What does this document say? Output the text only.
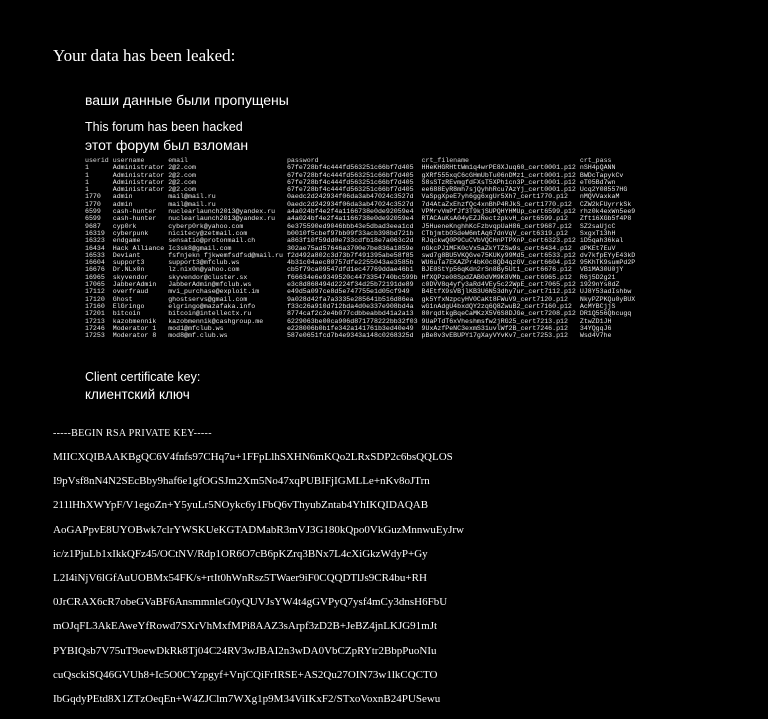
Your data has been leaked:

ваши данные были пропущены

This forum has been hacked

этот форум был взломан

userid	username	email	password	crt_filename	crt_pass
1	Administrator	2@2.com	67fe728bf4c444fd563251c66bf7d405	HHeKHGRHttWm1q4wrPE8XJuq60_cert0001.p12	nSH4pQANN
1	Administrator	2@2.com	67fe728bf4c444fd563251c66bf7d405	gXRf555xqC6cGHmUbTu06nDMz1_cert0001.p12	BWDcTapykCv
1	Administrator	2@2.com	67fe728bf4c444fd563251c66bf7d405	S8sSTzREvmgfdFXsT5XPh1cn3P_cert0001.p12	eT05Bd7wn
1	Administrator	2@2.com	67fe728bf4c444fd563251c66bf7d405	ee688EyR8mh7sjQyhhRcu7AzYj_cert0001.p12	Ucq2Y08557HG
1770	admin	mail@mail.ru	0aedc2d242934f06da3ab47024c3527d	VaSpgXpeE7yh6gg6xgUr5Xh7_cert1770.p12	nMQVVaxkaM
1770	admin	mail@mail.ru	0aedc2d242934f06da3ab47024c3527d	7d4AtaZxEhzfQc4xnBhP4RJkS_cert1770.p12	CZW2kFUyrrkSk
6599	cash-hunter	nuclearlaunch2013@yandex.ru	a4a024bf4e2f4a1166738e0de92059e4	VPMrvVmPfJf3T9kjSUPQHYHMUp_cert6599.p12	rhz0k4exWn5ee9
6599	cash-hunter	nuclearlaunch2013@yandex.ru	a4a024bf4e2f4a1166738e0de92059e4	RTACAuKsA04yEZJRectzpkvH_cert6599.p12	Zft16XGb5f4P8
9687	cyp0rk	cyberp0rk@yahoo.com	6e375590ed9046bbb43e5dbad3eea1cd	J5HueneKnghhKcFzbvqpUaH86_cert9687.p12	SZ2saUjcC
16319	cyberpunk	nicitecy@zetmail.com	b0010f5cbef97bb09f33acb398bd721b	CTbjmtbOSdeW6mtAq67dnVqV_cert6319.p12	SxgxT13hH
16323	endgame	sensatio@protonmail.ch	a863f10f59dd0e733cdfb18e7a063c2d	RJqckwQ0P9CuCVbVQCHnPTPXnP_cert6323.p12	iD5qah36kal
16434	Hack Alliance	Ic3sk8@gmail.com	302ae75ad57646a3700e7be836a1859e	nGkcPJ1MFK0cVx5aZkYTZSw9s_cert6434.p12	dPKEt7EuV
16533	Deviant	fsfnjekn fjkwemfsdfsd@mail.ru	f2d492a802c3d73b7f491395abe58f85	swd7g8BU5VKQGve75KUKy99Md5_cert6533.p12	dv7kfpEYyE43kD
16604	support3	support3@mfclub.ws	4b31c04aec80757dfe2255043ae3585b	WU6uTa7EKAZPr4bK0c8QD4qzGV_cert6604.p12	95KhTK9sumPd2P
16676	Dr.NLx0n	lz.nix0n@yahoo.com	cb5f79ca09547dfd1ec47769ddae46b1	BJE0StYp56qKdn2rSn8By5Ut1_cert6676.p12	VB1MA30U0jY
16965	skyvendor	skyvendor@cluster.sx	f66634e6e9349520c4473354740bc599b	HfXQPze08SpdZAB0dVM9K8VMb_cert6965.p12	R6j5D2g21
17065	JabberAdmin	JabberAdmin@mfclub.ws	e3c8d868494d2224f34d25b72191de89	c0DVV8q4yfy3aRd4VEy5c22WpE_cert7065.p12	1929nYs8dZ
17112	overfraud	mvi_purchase@exploit.im	e49d5a097ce8d5e747755e1d05cf949	B4EtfX9sVBjlKB3U6N53dhy7ur_cert7112.p12	UJ8Y53adIshbw
17120	Ghost	ghostservs@gmail.com	9a028d42fa7a3335e285641b516d86ea	gk5YfxNzpcyHV0CaKt8FWuV9_cert7120.p12	NkyPZPKQu0yBUX
17160	ElGringo	elgringo@mazafaka.info	f33c26a910d712bda4d0e337e908bd4a	wG1nAdgU4bxdQY2zq6Q8ZwuB2_cert7160.p12	AcMYBCjjS
17201	bitcoin	bitcoin@intellectx.ru	8774caf2c2e4b077cdbbeabbd41a2a13	80rqdtkgBqeCaMKzX5V6S8DJGe_cert7208.p12	DR1Q556Qbcugq
17213	kazobmennik	kazobmennik@cashgroup.me	6229063be00ca906d871778222bb32f03	9UaPTdT6xVheshmsfw2jRG25_cert7213.p12	ZtwZD1JH
17246	Moderator 1	mod1@mfclub.ws	e228006b0b1fe342a141761b3ed40e49	9UxAzfPeNC3exmS31uvlWf2B_cert7246.p12	34YQgqJ6
17253	Moderator 8	mod8@mf.club.ws	587e0651fcd7b4e9343a148c0268325d	pBe8v3vEBUPY17gXayVYvKv7_cert7253.p12	Wsd4V7he
Client certificate key:
клиентский ключ
-----BEGIN RSA PRIVATE KEY-----
MIICXQIBAAKBgQC6V4fnfs97CHq7u+1FFpLlhSXHN6mKQo2LRxSDP2c6bsQQLOS
I9pVsf8nN4N2SEcBby9haf6e1gfOGSJm2Xm5No47xqPUBIFjIGMLLe+nKv8oJTrn
211lHhXWYpF/V1egoZn+Y5yuLr5NOykc6y1FbQ6vThyubZntab4YhIKQIDAQAB
AoGAPpvE8UYOBwk7clrYWSKUeKGTADMabR3mVJ3G180kQpo0VkGuzMnnwuEyJrw
ic/z1PjuLb1xIkkQFz45/OCtNV/Rdp1OR6O7cB6pKZrq3BNx7L4cXiGkzWdyP+Gy
L2I4iNjV6lGfAuUOBMx54FK/s+rtIt0hWnRsz5TWaer9iF0CQQDTlJs9CR4bu+RH
0JrCRAX6cR7obeGVaBF6AnsmmnleG0yQUVJsYW4t4gGVPyQ7ysf4mCy3dnsH6FbU
mOJqFL3AkEAweYfRowd7SXrVhMxfMPi8AAZ3sArpf3zD2B+JeBZ4jnLKJG91mJt
PYBIQsb7V75uT9oewDkRk8Tj04C24RV3wJBAI2n3wDA0VbCZpRYtr2BbpPuoNIu
cuQsckiSQ46GVUh8+Ic5O0CYzpgyf+VnjCQiFrIRSE+AS2Qu27OIN73w1lkCQCTO
IbGqdyPEtd8X1ZTzOeqEn+W4ZJClm7WXg1p9M34ViIKxF2/STxoVoxnB24PUSewu
